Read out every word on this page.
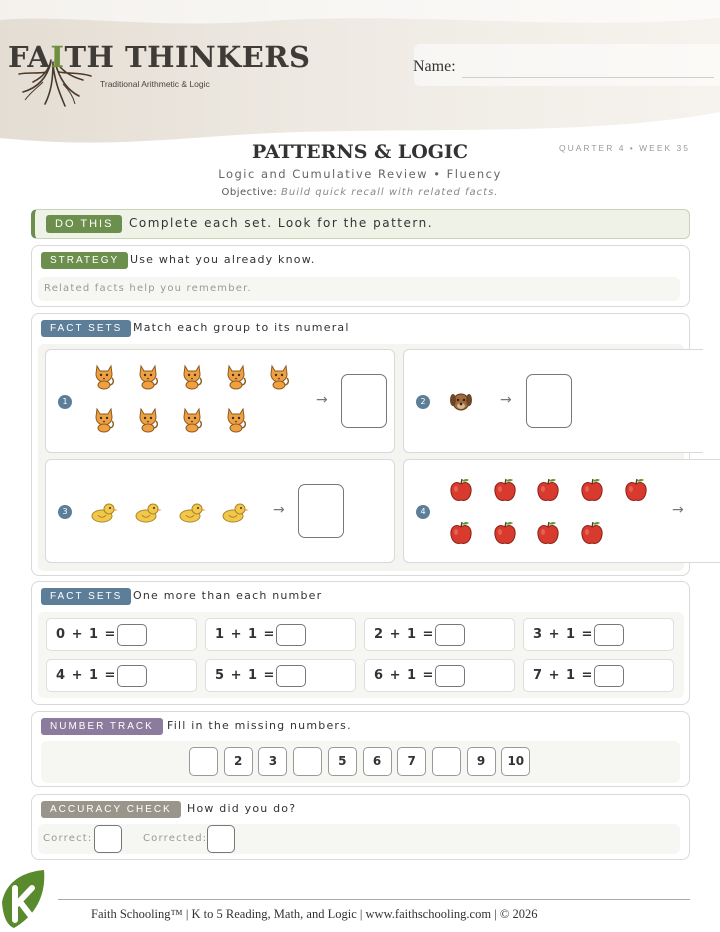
FAITH THINKERS
Traditional Arithmetic & Logic
Name:
PATTERNS & LOGIC	QUARTER 4 • WEEK 35
Logic and Cumulative Review • Fluency
Objective: Build quick recall with related facts.
DO THIS	Complete each set. Look for the pattern.
STRATEGY Use what you already know.
Related facts help you remember.
FACT SETS Match each group to its numeral
1	→	2	→
3	→	4	→
FACT SETS One more than each number
0 + 1 =	1 + 1 =	2 + 1 =	3 + 1 =
4 + 1 =	5 + 1 =	6 + 1 =	7 + 1 =
NUMBER TRACK	Fill in the missing numbers.
2	3	5	6	7	9	10
ACCURACY CHECK	How did you do?
Correct:	Corrected:
Faith Schooling™ | K to 5 Reading, Math, and Logic | www.faithschooling.com | © 2026
